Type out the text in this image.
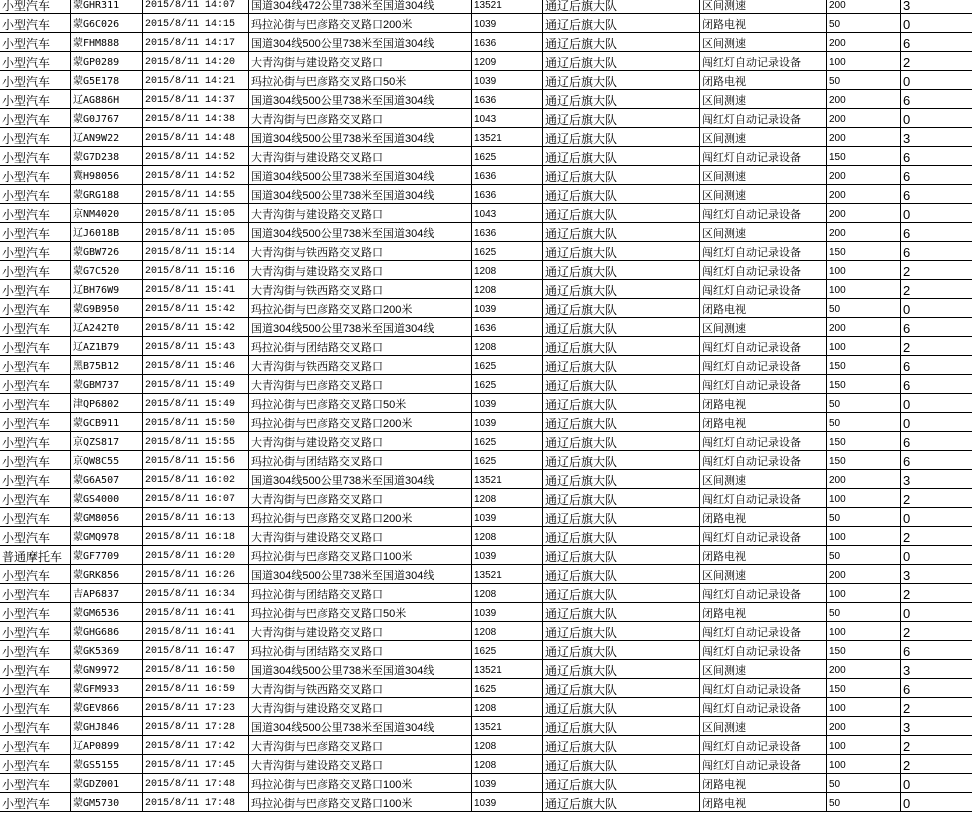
小型汽车	蒙GHR311	2015/8/11 14:07	国道304线472公里738米至国道304线	13521	通辽后旗大队	区间测速	200	3
小型汽车	蒙G6C026	2015/8/11 14:15	玛拉沁街与巴彦路交叉路口200米	1039	通辽后旗大队	闭路电视	50	0
小型汽车	蒙FHM888	2015/8/11 14:17	国道304线500公里738米至国道304线	1636	通辽后旗大队	区间测速	200	6
小型汽车	蒙GP0289	2015/8/11 14:20	大青沟街与建设路交叉路口	1209	通辽后旗大队	闯红灯自动记录设备	100	2
小型汽车	蒙G5E178	2015/8/11 14:21	玛拉沁街与巴彦路交叉路口50米	1039	通辽后旗大队	闭路电视	50	0
小型汽车	辽AG886H	2015/8/11 14:37	国道304线500公里738米至国道304线	1636	通辽后旗大队	区间测速	200	6
小型汽车	蒙G0J767	2015/8/11 14:38	大青沟街与巴彦路交叉路口	1043	通辽后旗大队	闯红灯自动记录设备	200	0
小型汽车	辽AN9W22	2015/8/11 14:48	国道304线500公里738米至国道304线	13521	通辽后旗大队	区间测速	200	3
小型汽车	蒙G7D238	2015/8/11 14:52	大青沟街与建设路交叉路口	1625	通辽后旗大队	闯红灯自动记录设备	150	6
小型汽车	冀H98056	2015/8/11 14:52	国道304线500公里738米至国道304线	1636	通辽后旗大队	区间测速	200	6
小型汽车	蒙GRG188	2015/8/11 14:55	国道304线500公里738米至国道304线	1636	通辽后旗大队	区间测速	200	6
小型汽车	京NM4020	2015/8/11 15:05	大青沟街与建设路交叉路口	1043	通辽后旗大队	闯红灯自动记录设备	200	0
小型汽车	辽J6018B	2015/8/11 15:05	国道304线500公里738米至国道304线	1636	通辽后旗大队	区间测速	200	6
小型汽车	蒙GBW726	2015/8/11 15:14	大青沟街与铁西路交叉路口	1625	通辽后旗大队	闯红灯自动记录设备	150	6
小型汽车	蒙G7C520	2015/8/11 15:16	大青沟街与建设路交叉路口	1208	通辽后旗大队	闯红灯自动记录设备	100	2
小型汽车	辽BH76W9	2015/8/11 15:41	大青沟街与铁西路交叉路口	1208	通辽后旗大队	闯红灯自动记录设备	100	2
小型汽车	蒙G9B950	2015/8/11 15:42	玛拉沁街与巴彦路交叉路口200米	1039	通辽后旗大队	闭路电视	50	0
小型汽车	辽A242T0	2015/8/11 15:42	国道304线500公里738米至国道304线	1636	通辽后旗大队	区间测速	200	6
小型汽车	辽AZ1B79	2015/8/11 15:43	玛拉沁街与团结路交叉路口	1208	通辽后旗大队	闯红灯自动记录设备	100	2
小型汽车	黑B75B12	2015/8/11 15:46	大青沟街与铁西路交叉路口	1625	通辽后旗大队	闯红灯自动记录设备	150	6
小型汽车	蒙GBM737	2015/8/11 15:49	大青沟街与巴彦路交叉路口	1625	通辽后旗大队	闯红灯自动记录设备	150	6
小型汽车	津QP6802	2015/8/11 15:49	玛拉沁街与巴彦路交叉路口50米	1039	通辽后旗大队	闭路电视	50	0
小型汽车	蒙GCB911	2015/8/11 15:50	玛拉沁街与巴彦路交叉路口200米	1039	通辽后旗大队	闭路电视	50	0
小型汽车	京QZS817	2015/8/11 15:55	大青沟街与建设路交叉路口	1625	通辽后旗大队	闯红灯自动记录设备	150	6
小型汽车	京QW8C55	2015/8/11 15:56	玛拉沁街与团结路交叉路口	1625	通辽后旗大队	闯红灯自动记录设备	150	6
小型汽车	蒙G6A507	2015/8/11 16:02	国道304线500公里738米至国道304线	13521	通辽后旗大队	区间测速	200	3
小型汽车	蒙GS4000	2015/8/11 16:07	大青沟街与巴彦路交叉路口	1208	通辽后旗大队	闯红灯自动记录设备	100	2
小型汽车	蒙GM8056	2015/8/11 16:13	玛拉沁街与巴彦路交叉路口200米	1039	通辽后旗大队	闭路电视	50	0
小型汽车	蒙GMQ978	2015/8/11 16:18	大青沟街与建设路交叉路口	1208	通辽后旗大队	闯红灯自动记录设备	100	2
普通摩托车	蒙GF7709	2015/8/11 16:20	玛拉沁街与巴彦路交叉路口100米	1039	通辽后旗大队	闭路电视	50	0
小型汽车	蒙GRK856	2015/8/11 16:26	国道304线500公里738米至国道304线	13521	通辽后旗大队	区间测速	200	3
小型汽车	吉AP6837	2015/8/11 16:34	玛拉沁街与团结路交叉路口	1208	通辽后旗大队	闯红灯自动记录设备	100	2
小型汽车	蒙GM6536	2015/8/11 16:41	玛拉沁街与巴彦路交叉路口50米	1039	通辽后旗大队	闭路电视	50	0
小型汽车	蒙GHG686	2015/8/11 16:41	大青沟街与建设路交叉路口	1208	通辽后旗大队	闯红灯自动记录设备	100	2
小型汽车	蒙GK5369	2015/8/11 16:47	玛拉沁街与团结路交叉路口	1625	通辽后旗大队	闯红灯自动记录设备	150	6
小型汽车	蒙GN9972	2015/8/11 16:50	国道304线500公里738米至国道304线	13521	通辽后旗大队	区间测速	200	3
小型汽车	蒙GFM933	2015/8/11 16:59	大青沟街与铁西路交叉路口	1625	通辽后旗大队	闯红灯自动记录设备	150	6
小型汽车	蒙GEV866	2015/8/11 17:23	大青沟街与建设路交叉路口	1208	通辽后旗大队	闯红灯自动记录设备	100	2
小型汽车	蒙GHJ846	2015/8/11 17:28	国道304线500公里738米至国道304线	13521	通辽后旗大队	区间测速	200	3
小型汽车	辽AP0899	2015/8/11 17:42	大青沟街与巴彦路交叉路口	1208	通辽后旗大队	闯红灯自动记录设备	100	2
小型汽车	蒙GS5155	2015/8/11 17:45	大青沟街与建设路交叉路口	1208	通辽后旗大队	闯红灯自动记录设备	100	2
小型汽车	蒙GDZ001	2015/8/11 17:48	玛拉沁街与巴彦路交叉路口100米	1039	通辽后旗大队	闭路电视	50	0
小型汽车	蒙GM5730	2015/8/11 17:48	玛拉沁街与巴彦路交叉路口100米	1039	通辽后旗大队	闭路电视	50	0
